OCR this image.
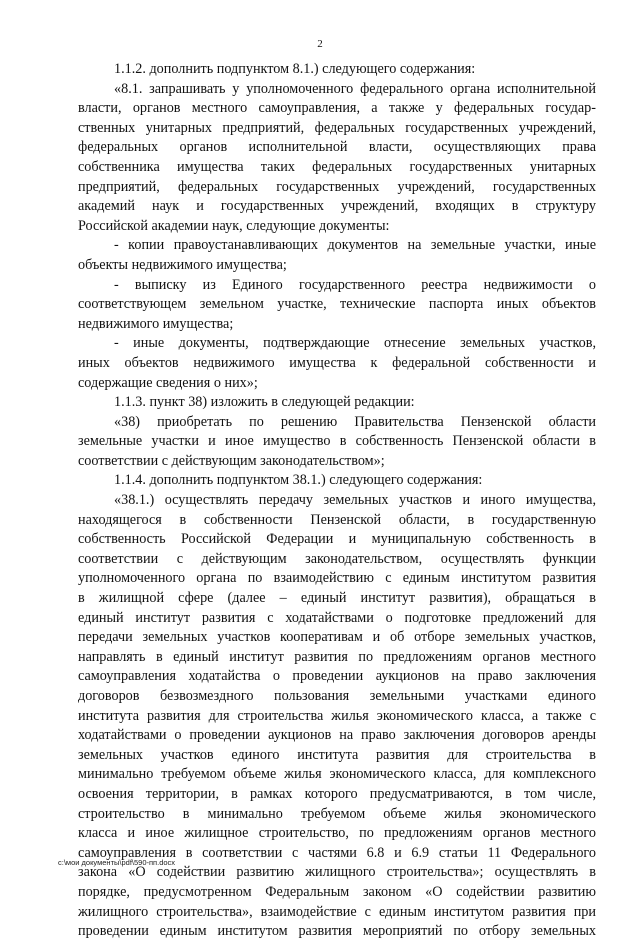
2
1.1.2. дополнить подпунктом 8.1.) следующего содержания:
«8.1. запрашивать у уполномоченного федерального органа исполнительной
власти, органов местного самоуправления, а также у федеральных государ-
ственных унитарных предприятий, федеральных государственных учреждений,
федеральных органов исполнительной власти, осуществляющих права
собственника имущества таких федеральных государственных унитарных
предприятий, федеральных государственных учреждений, государственных
академий наук и государственных учреждений, входящих в структуру
Российской академии наук, следующие документы:
- копии правоустанавливающих документов на земельные участки, иные
объекты недвижимого имущества;
- выписку из Единого государственного реестра недвижимости о
соответствующем земельном участке, технические паспорта иных объектов
недвижимого имущества;
- иные документы, подтверждающие отнесение земельных участков,
иных объектов недвижимого имущества к федеральной собственности и
содержащие сведения о них»;
1.1.3. пункт 38) изложить в следующей редакции:
«38) приобретать по решению Правительства Пензенской области
земельные участки и иное имущество в собственность Пензенской области в
соответствии с действующим законодательством»;
1.1.4. дополнить подпунктом 38.1.) следующего содержания:
«38.1.) осуществлять передачу земельных участков и иного имущества,
находящегося в собственности Пензенской области, в государственную
собственность Российской Федерации и муниципальную собственность в
соответствии с действующим законодательством, осуществлять функции
уполномоченного органа по взаимодействию с единым институтом развития
в жилищной сфере (далее – единый институт развития), обращаться в
единый институт развития с ходатайствами о подготовке предложений для
передачи земельных участков кооперативам и об отборе земельных участков,
направлять в единый институт развития по предложениям органов местного
самоуправления ходатайства о проведении аукционов на право заключения
договоров безвозмездного пользования земельными участками единого
института развития для строительства жилья экономического класса, а также с
ходатайствами о проведении аукционов на право заключения договоров аренды
земельных участков единого института развития для строительства в
минимально требуемом объеме жилья экономического класса, для комплексного
освоения территории, в рамках которого предусматриваются, в том числе,
строительство в минимально требуемом объеме жилья экономического
класса и иное жилищное строительство, по предложениям органов местного
самоуправления в соответствии с частями 6.8 и 6.9 статьи 11 Федерального
закона «О содействии развитию жилищного строительства»; осуществлять в
порядке, предусмотренном Федеральным законом «О содействии развитию
жилищного строительства», взаимодействие с единым институтом развития при
проведении единым институтом развития мероприятий по отбору земельных
c:\мои документы\pdf\590-пп.docx
